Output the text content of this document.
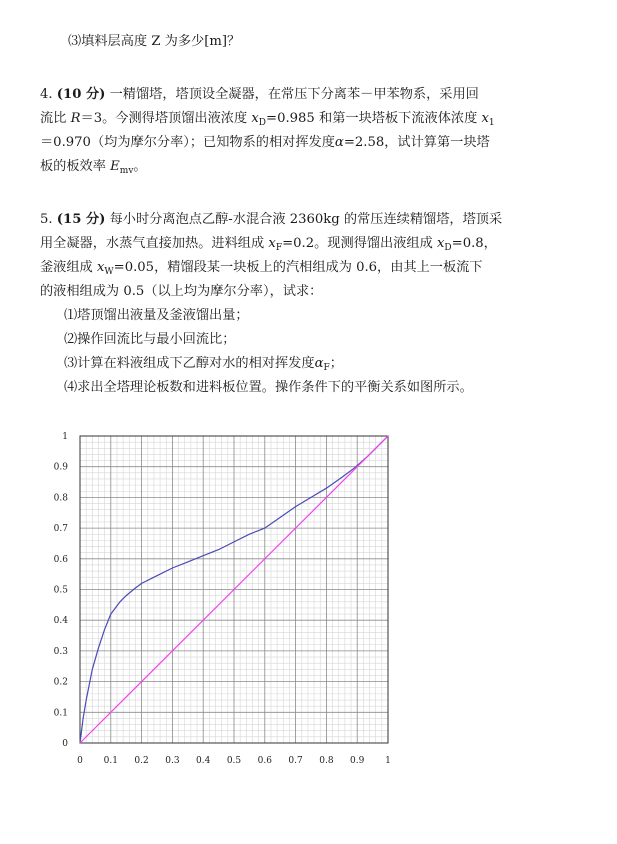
⑶填料层高度 Z 为多少[m]？
4. (10 分) 一精馏塔，塔顶设全凝器，在常压下分离苯－甲苯物系，采用回
流比 R＝3。今测得塔顶馏出液浓度 $x_D=0.985$ 和第一块塔板下流液体浓度 $x_1$
＝0.970（均为摩尔分率）；已知物系的相对挥发度α=2.58，试计算第一块塔
板的板效率 $E_{mv}$。
5. (15 分) 每小时分离泡点乙醇-水混合液 2360kg 的常压连续精馏塔，塔顶采
用全凝器，水蒸气直接加热。进料组成 $x_F=0.2$。现测得馏出液组成 $x_D=0.8$，
釜液组成 $x_W=0.05$，精馏段某一块板上的汽相组成为 0.6，由其上一板流下
的液相组成为 0.5（以上均为摩尔分率），试求：
⑴塔顶馏出液量及釜液馏出量；
⑵操作回流比与最小回流比；
⑶计算在料液组成下乙醇对水的相对挥发度$\alpha_F$；
⑷求出全塔理论板数和进料板位置。操作条件下的平衡关系如图所示。
0 0.1 0.2 0.3 0.4 0.5 0.6 0.7 0.8 0.9 1
0
0.1
0.2
0.3
0.4
0.5
0.6
0.7
0.8
0.9
1
